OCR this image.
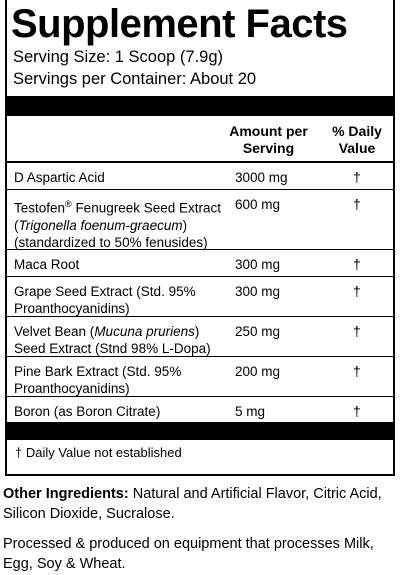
Supplement Facts
Serving Size: 1 Scoop (7.9g)
Servings per Container: About 20
Amount per
Serving
% Daily
Value
D Aspartic Acid	3000 mg	†
Testofen® Fenugreek Seed Extract
(Trigonella foenum-graecum)
(standardized to 50% fenusides)
600 mg	†
Maca Root	300 mg	†
Grape Seed Extract (Std. 95%
Proanthocyanidins)
300 mg	†
Velvet Bean (Mucuna pruriens)
Seed Extract (Stnd 98% L-Dopa)
250 mg	†
Pine Bark Extract (Std. 95%
Proanthocyanidins)
200 mg	†
Boron (as Boron Citrate)	5 mg	†
† Daily Value not established
Other Ingredients: Natural and Artificial Flavor, Citric Acid, Silicon Dioxide, Sucralose.
Processed & produced on equipment that processes Milk, Egg, Soy & Wheat.
